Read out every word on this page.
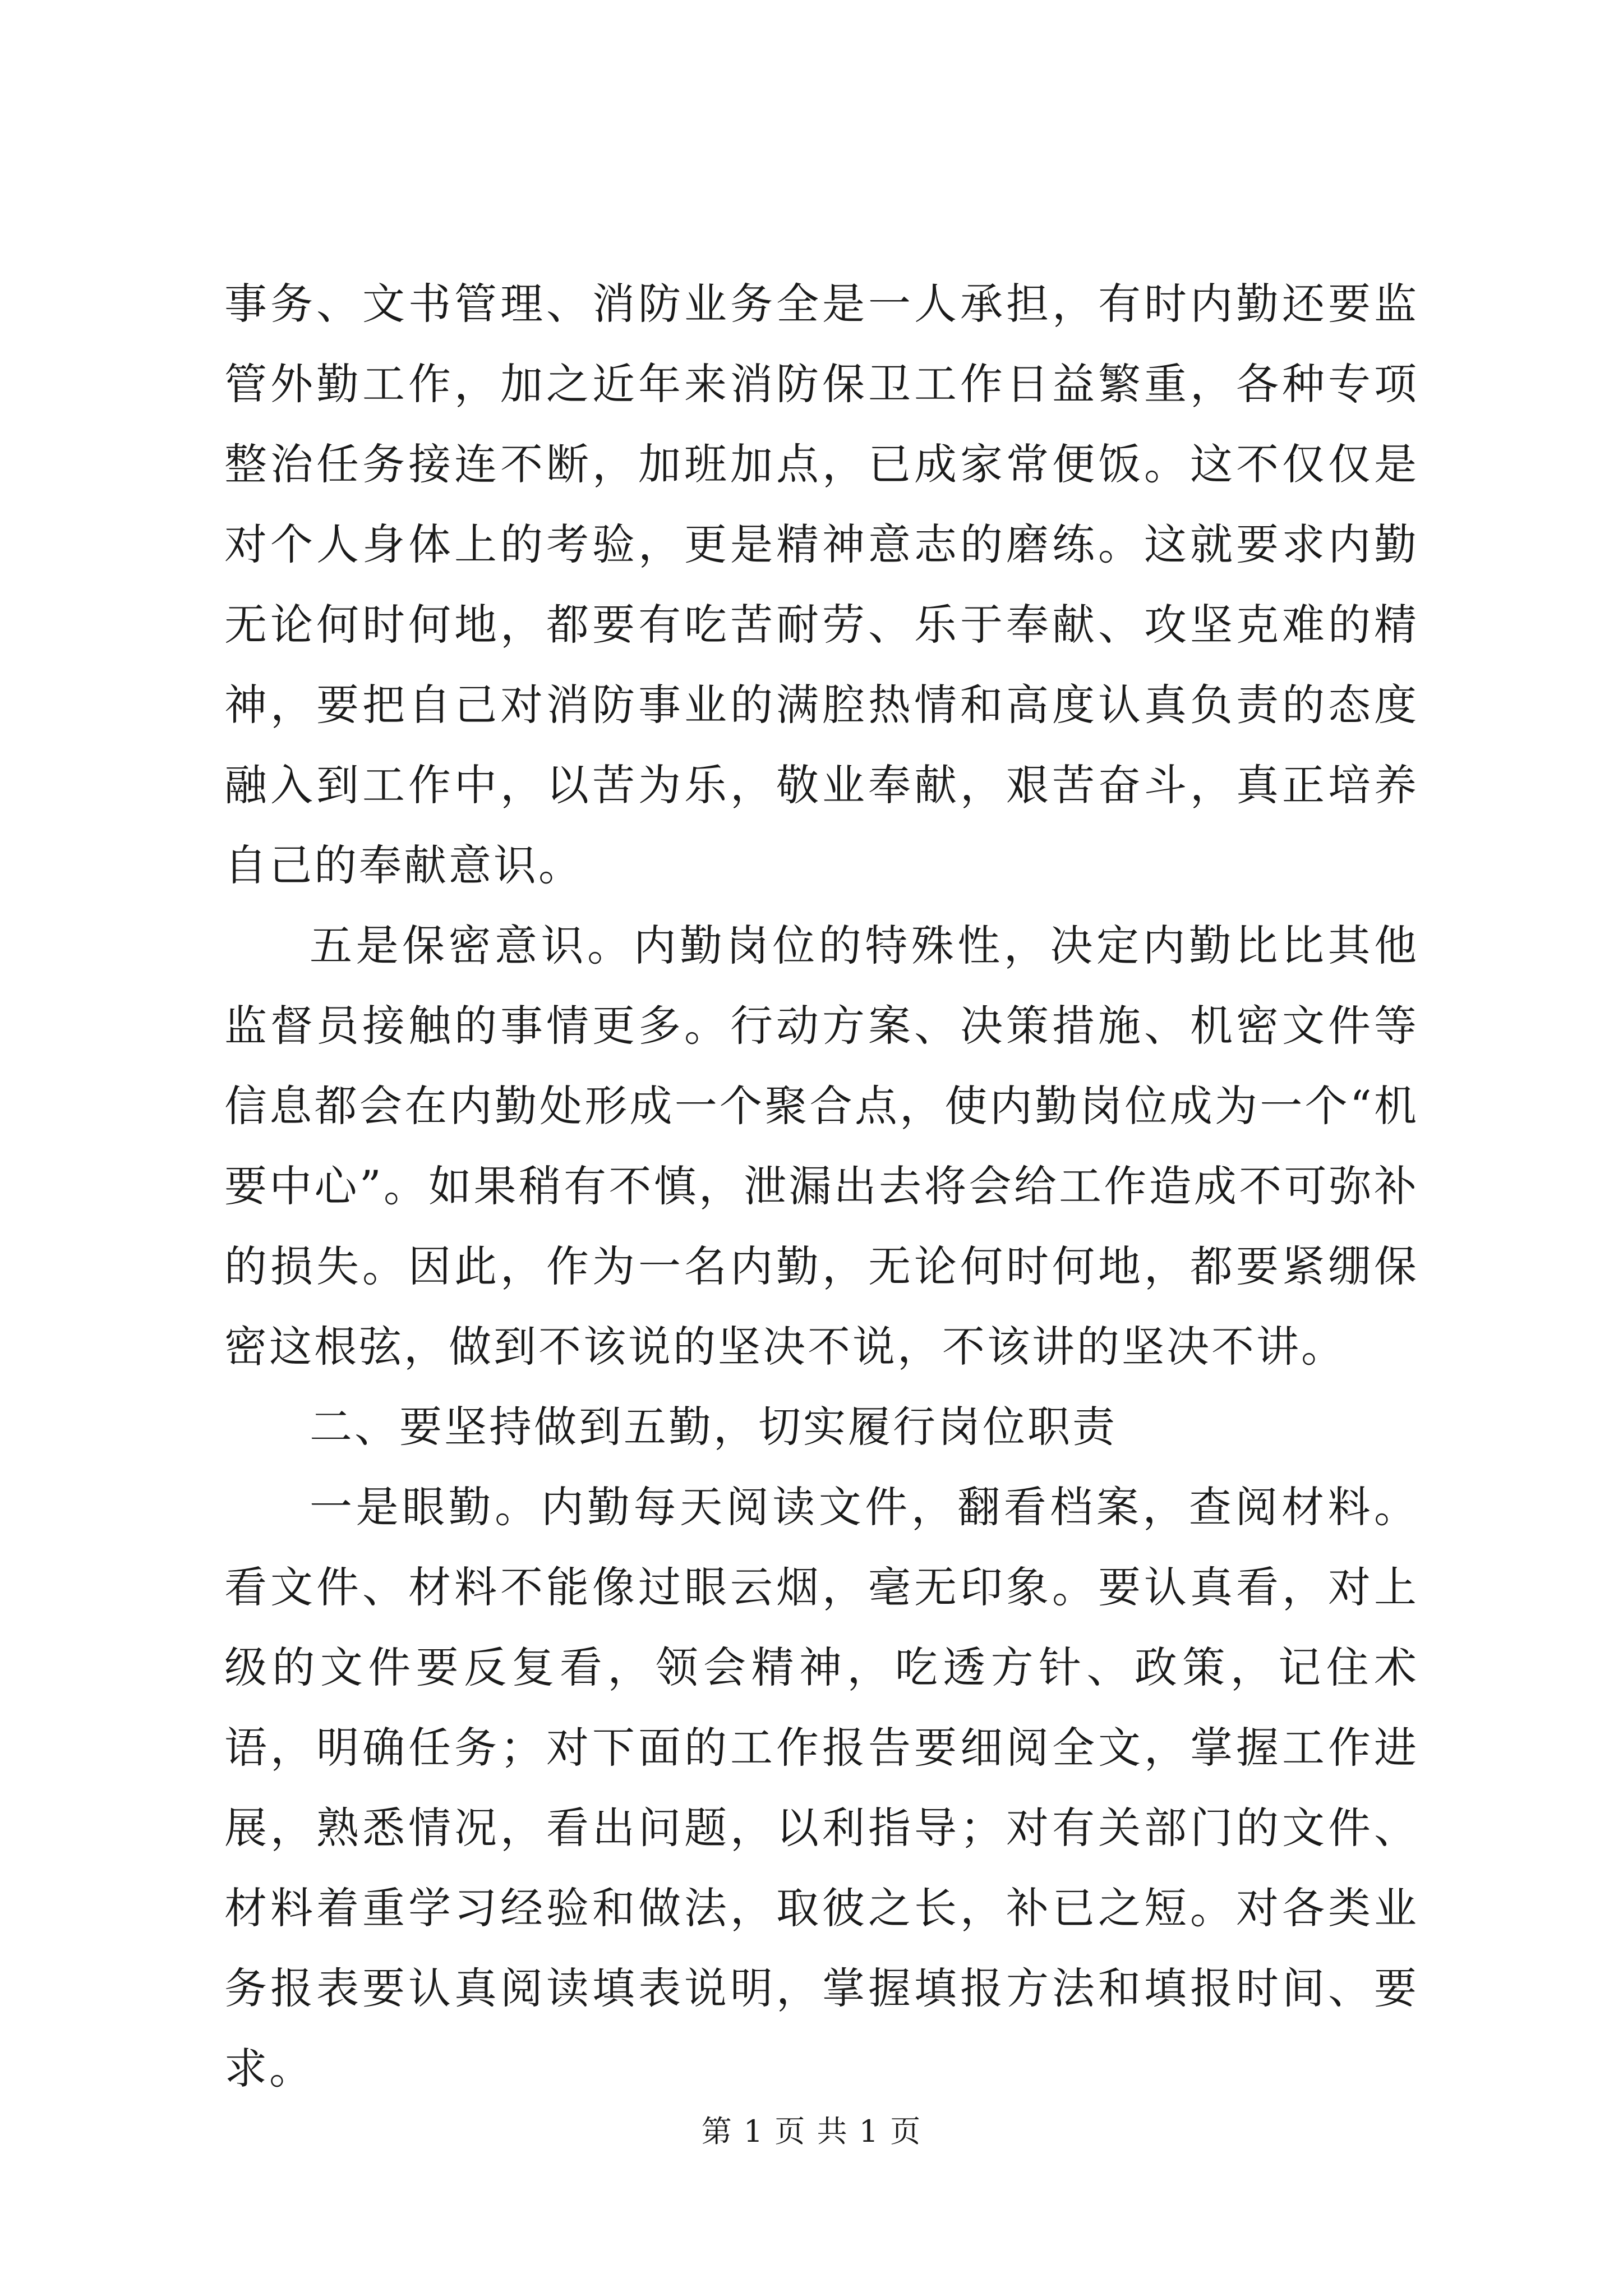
事务、文书管理、消防业务全是一人承担，有时内勤还要监管外勤工作，加之近年来消防保卫工作日益繁重，各种专项整治任务接连不断，加班加点，已成家常便饭。这不仅仅是对个人身体上的考验，更是精神意志的磨练。这就要求内勤无论何时何地，都要有吃苦耐劳、乐于奉献、攻坚克难的精神，要把自己对消防事业的满腔热情和高度认真负责的态度融入到工作中，以苦为乐，敬业奉献，艰苦奋斗，真正培养自己的奉献意识。

五是保密意识。内勤岗位的特殊性，决定内勤比比其他监督员接触的事情更多。行动方案、决策措施、机密文件等信息都会在内勤处形成一个聚合点，使内勤岗位成为一个“机要中心”。如果稍有不慎，泄漏出去将会给工作造成不可弥补的损失。因此，作为一名内勤，无论何时何地，都要紧绷保密这根弦，做到不该说的坚决不说，不该讲的坚决不讲。

二、要坚持做到五勤，切实履行岗位职责

一是眼勤。内勤每天阅读文件，翻看档案，查阅材料。看文件、材料不能像过眼云烟，毫无印象。要认真看，对上级的文件要反复看，领会精神，吃透方针、政策，记住术语，明确任务；对下面的工作报告要细阅全文，掌握工作进展，熟悉情况，看出问题，以利指导；对有关部门的文件、材料着重学习经验和做法，取彼之长，补已之短。对各类业务报表要认真阅读填表说明，掌握填报方法和填报时间、要求。

第 1 页 共 1 页
